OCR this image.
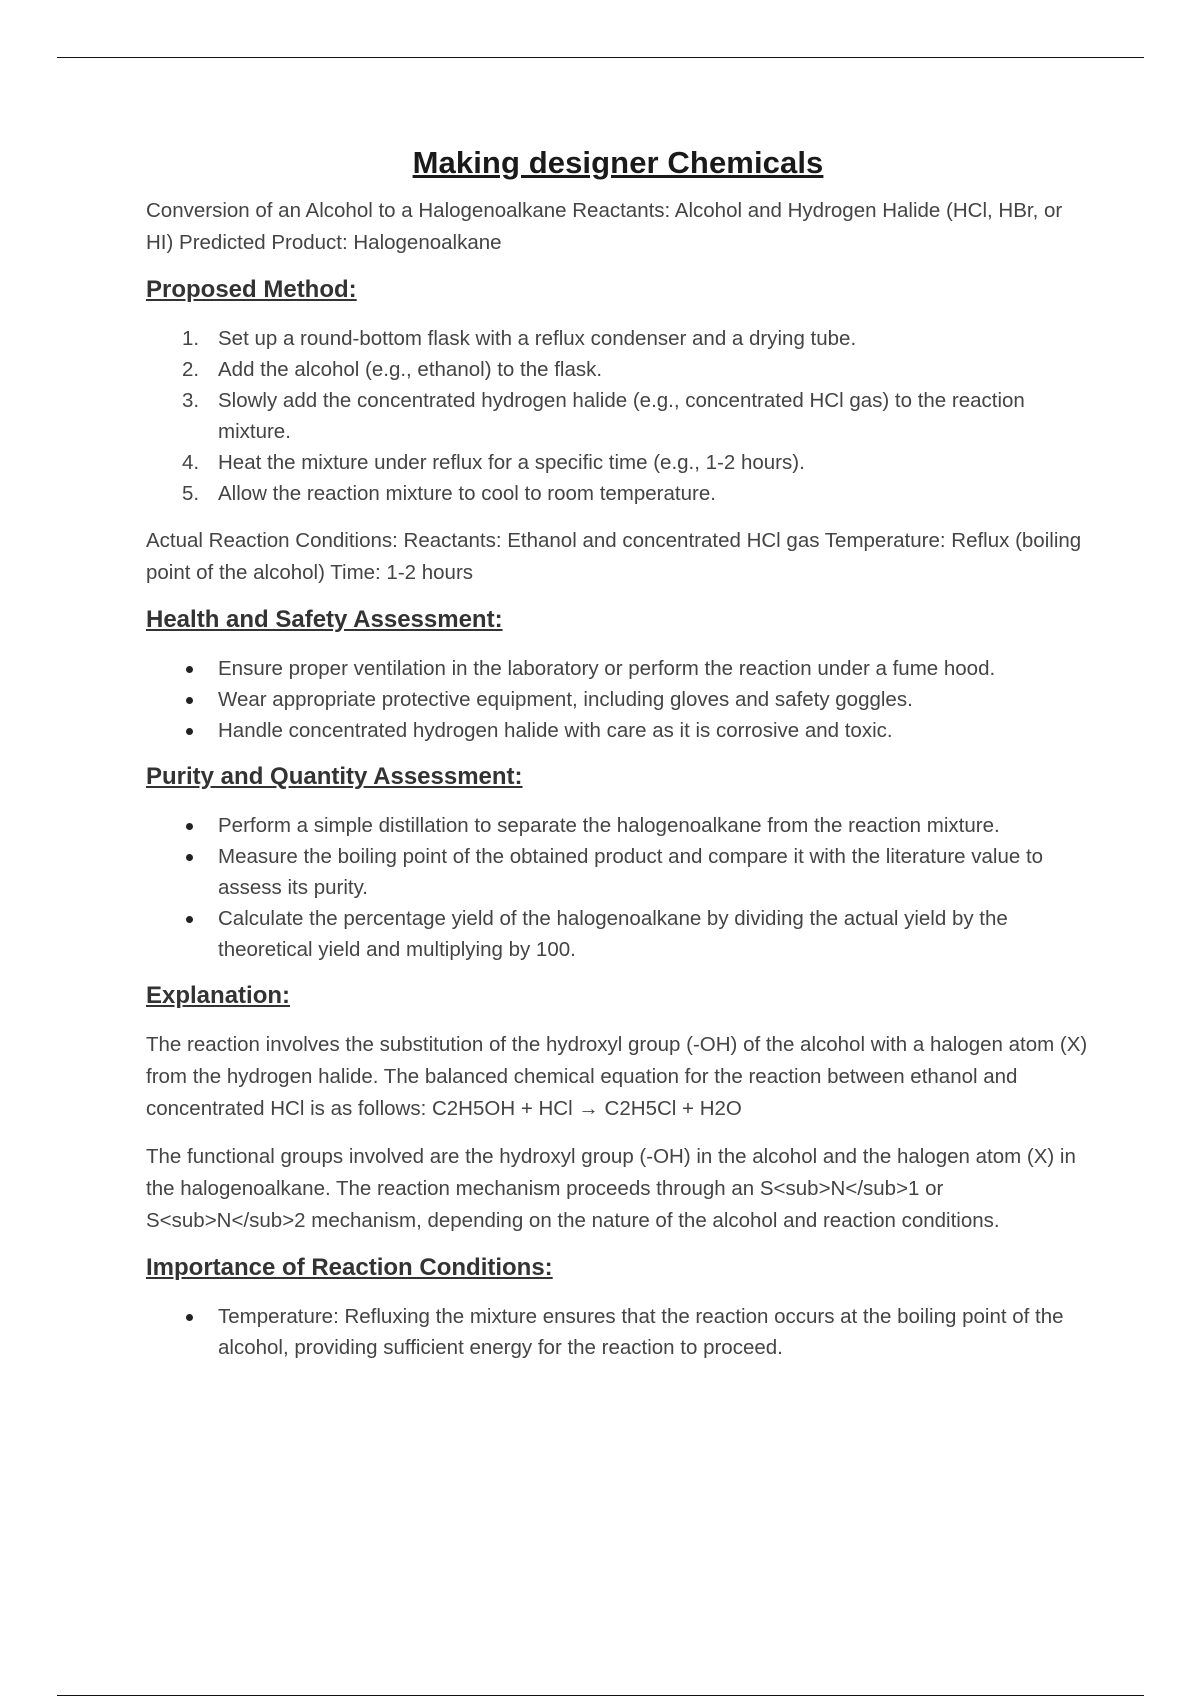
Making designer Chemicals

Conversion of an Alcohol to a Halogenoalkane Reactants: Alcohol and Hydrogen Halide (HCl, HBr, or HI) Predicted Product: Halogenoalkane

Proposed Method:
1. Set up a round-bottom flask with a reflux condenser and a drying tube.
2. Add the alcohol (e.g., ethanol) to the flask.
3. Slowly add the concentrated hydrogen halide (e.g., concentrated HCl gas) to the reaction mixture.
4. Heat the mixture under reflux for a specific time (e.g., 1-2 hours).
5. Allow the reaction mixture to cool to room temperature.

Actual Reaction Conditions: Reactants: Ethanol and concentrated HCl gas Temperature: Reflux (boiling point of the alcohol) Time: 1-2 hours

Health and Safety Assessment:
Ensure proper ventilation in the laboratory or perform the reaction under a fume hood.
Wear appropriate protective equipment, including gloves and safety goggles.
Handle concentrated hydrogen halide with care as it is corrosive and toxic.
Purity and Quantity Assessment:
Perform a simple distillation to separate the halogenoalkane from the reaction mixture.
Measure the boiling point of the obtained product and compare it with the literature value to assess its purity.
Calculate the percentage yield of the halogenoalkane by dividing the actual yield by the theoretical yield and multiplying by 100.
Explanation:

The reaction involves the substitution of the hydroxyl group (-OH) of the alcohol with a halogen atom (X) from the hydrogen halide. The balanced chemical equation for the reaction between ethanol and concentrated HCl is as follows: C2H5OH + HCl → C2H5Cl + H2O

The functional groups involved are the hydroxyl group (-OH) in the alcohol and the halogen atom (X) in the halogenoalkane. The reaction mechanism proceeds through an S<sub>N</sub>1 or S<sub>N</sub>2 mechanism, depending on the nature of the alcohol and reaction conditions.

Importance of Reaction Conditions:
Temperature: Refluxing the mixture ensures that the reaction occurs at the boiling point of the alcohol, providing sufficient energy for the reaction to proceed.
